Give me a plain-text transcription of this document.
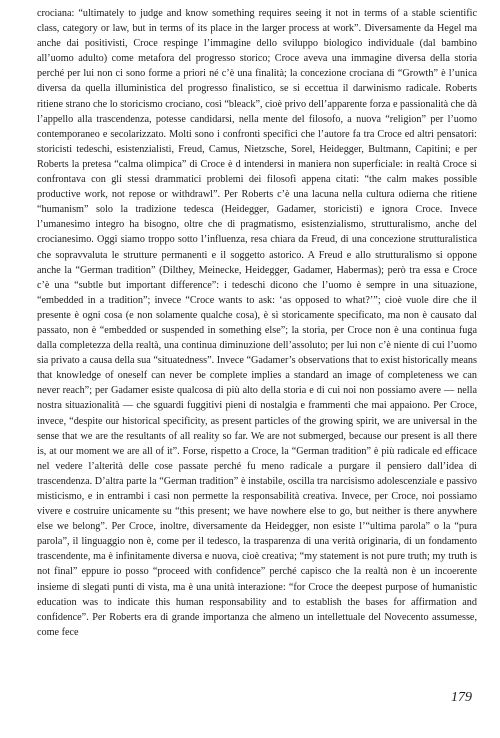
crociana: “ultimately to judge and know something requires seeing it not in terms of a stable scientific class, category or law, but in terms of its place in the larger process at work”. Diversamente da Hegel ma anche dai positivisti, Croce respinge l’immagine dello sviluppo biologico individuale (dal bambino all’uomo adulto) come metafora del progresso storico; Croce aveva una immagine diversa della storia perché per lui non ci sono forme a priori né c’è una finalità; la concezione crociana di “Growth” è l’unica diversa da quella illuministica del progresso finalistico, se si eccettua il darwinismo radicale. Roberts ritiene strano che lo storicismo crociano, così “bleack”, cioè privo dell’apparente forza e passionalità che dà l’appello alla trascendenza, potesse candidarsi, nella mente del filosofo, a nuova “religion” per l’uomo contemporaneo e secolarizzato. Molti sono i confronti specifici che l’autore fa tra Croce ed altri pensatori: storicisti tedeschi, esistenzialisti, Freud, Camus, Nietzsche, Sorel, Heidegger, Bultmann, Capitini; e per Roberts la pretesa “calma olimpica” di Croce è d intendersi in maniera non superficiale: in realtà Croce si confrontava con gli stessi drammatici problemi dei filosofi appena citati: “the calm makes possible productive work, not repose or withdrawl”. Per Roberts c’è una lacuna nella cultura odierna che ritiene “humanism” solo la tradizione tedesca (Heidegger, Gadamer, storicisti) e ignora Croce. Invece l’umanesimo integro ha bisogno, oltre che di pragmatismo, esistenzialismo, strutturalismo, anche del crocianesimo. Oggi siamo troppo sotto l’influenza, resa chiara da Freud, di una concezione strutturalistica che sopravvaluta le strutture permanenti e il soggetto astorico. A Freud e allo strutturalismo si oppone anche la “German tradition” (Dilthey, Meinecke, Heidegger, Gadamer, Habermas); però tra essa e Croce c’è una “subtle but important difference”: i tedeschi dicono che l’uomo è sempre in una situazione, “embedded in a tradition”; invece “Croce wants to ask: ‘as opposed to what?’”; cioè vuole dire che il presente è ogni cosa (e non solamente qualche cosa), è sì storicamente specificato, ma non è causato dal passato, non è “embedded or suspended in something else”; la storia, per Croce non è una continua fuga dalla completezza della realtà, una continua diminuzione dell’assoluto; per lui non c’è niente di cui l’uomo sia privato a causa della sua “situatedness”. Invece “Gadamer’s observations that to exist historically means that knowledge of oneself can never be complete implies a standard an image of completeness we can never reach”; per Gadamer esiste qualcosa di più alto della storia e di cui noi non possiamo avere — nella nostra situazionalità — che sguardi fuggitivi pieni di nostalgia e frammenti che mai appaiono. Per Croce, invece, “despite our historical specificity, as present particles of the growing spirit, we are universal in the sense that we are the resultants of all reality so far. We are not submerged, because our present is all there is, at our moment we are all of it”. Forse, rispetto a Croce, la “German tradition” è più radicale ed efficace nel vedere l’alterità delle cose passate perché fu meno radicale a purgare il pensiero dall’idea di trascendenza. D’altra parte la “German tradition” è instabile, oscilla tra narcisismo adolescenziale e passivo misticismo, e in entrambi i casi non permette la responsabilità creativa. Invece, per Croce, noi possiamo vivere e costruire unicamente su “this present; we have nowhere else to go, but neither is there anywhere else we belong”. Per Croce, inoltre, diversamente da Heidegger, non esiste l’“ultima parola” o la “pura parola”, il linguaggio non è, come per il tedesco, la trasparenza di una verità originaria, di un fondamento trascendente, ma è infinitamente diversa e nuova, cioè creativa; “my statement is not pure truth; my truth is not final” eppure io posso “proceed with confidence” perché capisco che la realtà non è un incoerente insieme di slegati punti di vista, ma è una unità interazione: “for Croce the deepest purpose of humanistic education was to indicate this human responsability and to establish the bases for affirmation and confidence”. Per Roberts era di grande importanza che almeno un intellettuale del Novecento assumesse, come fece

179
